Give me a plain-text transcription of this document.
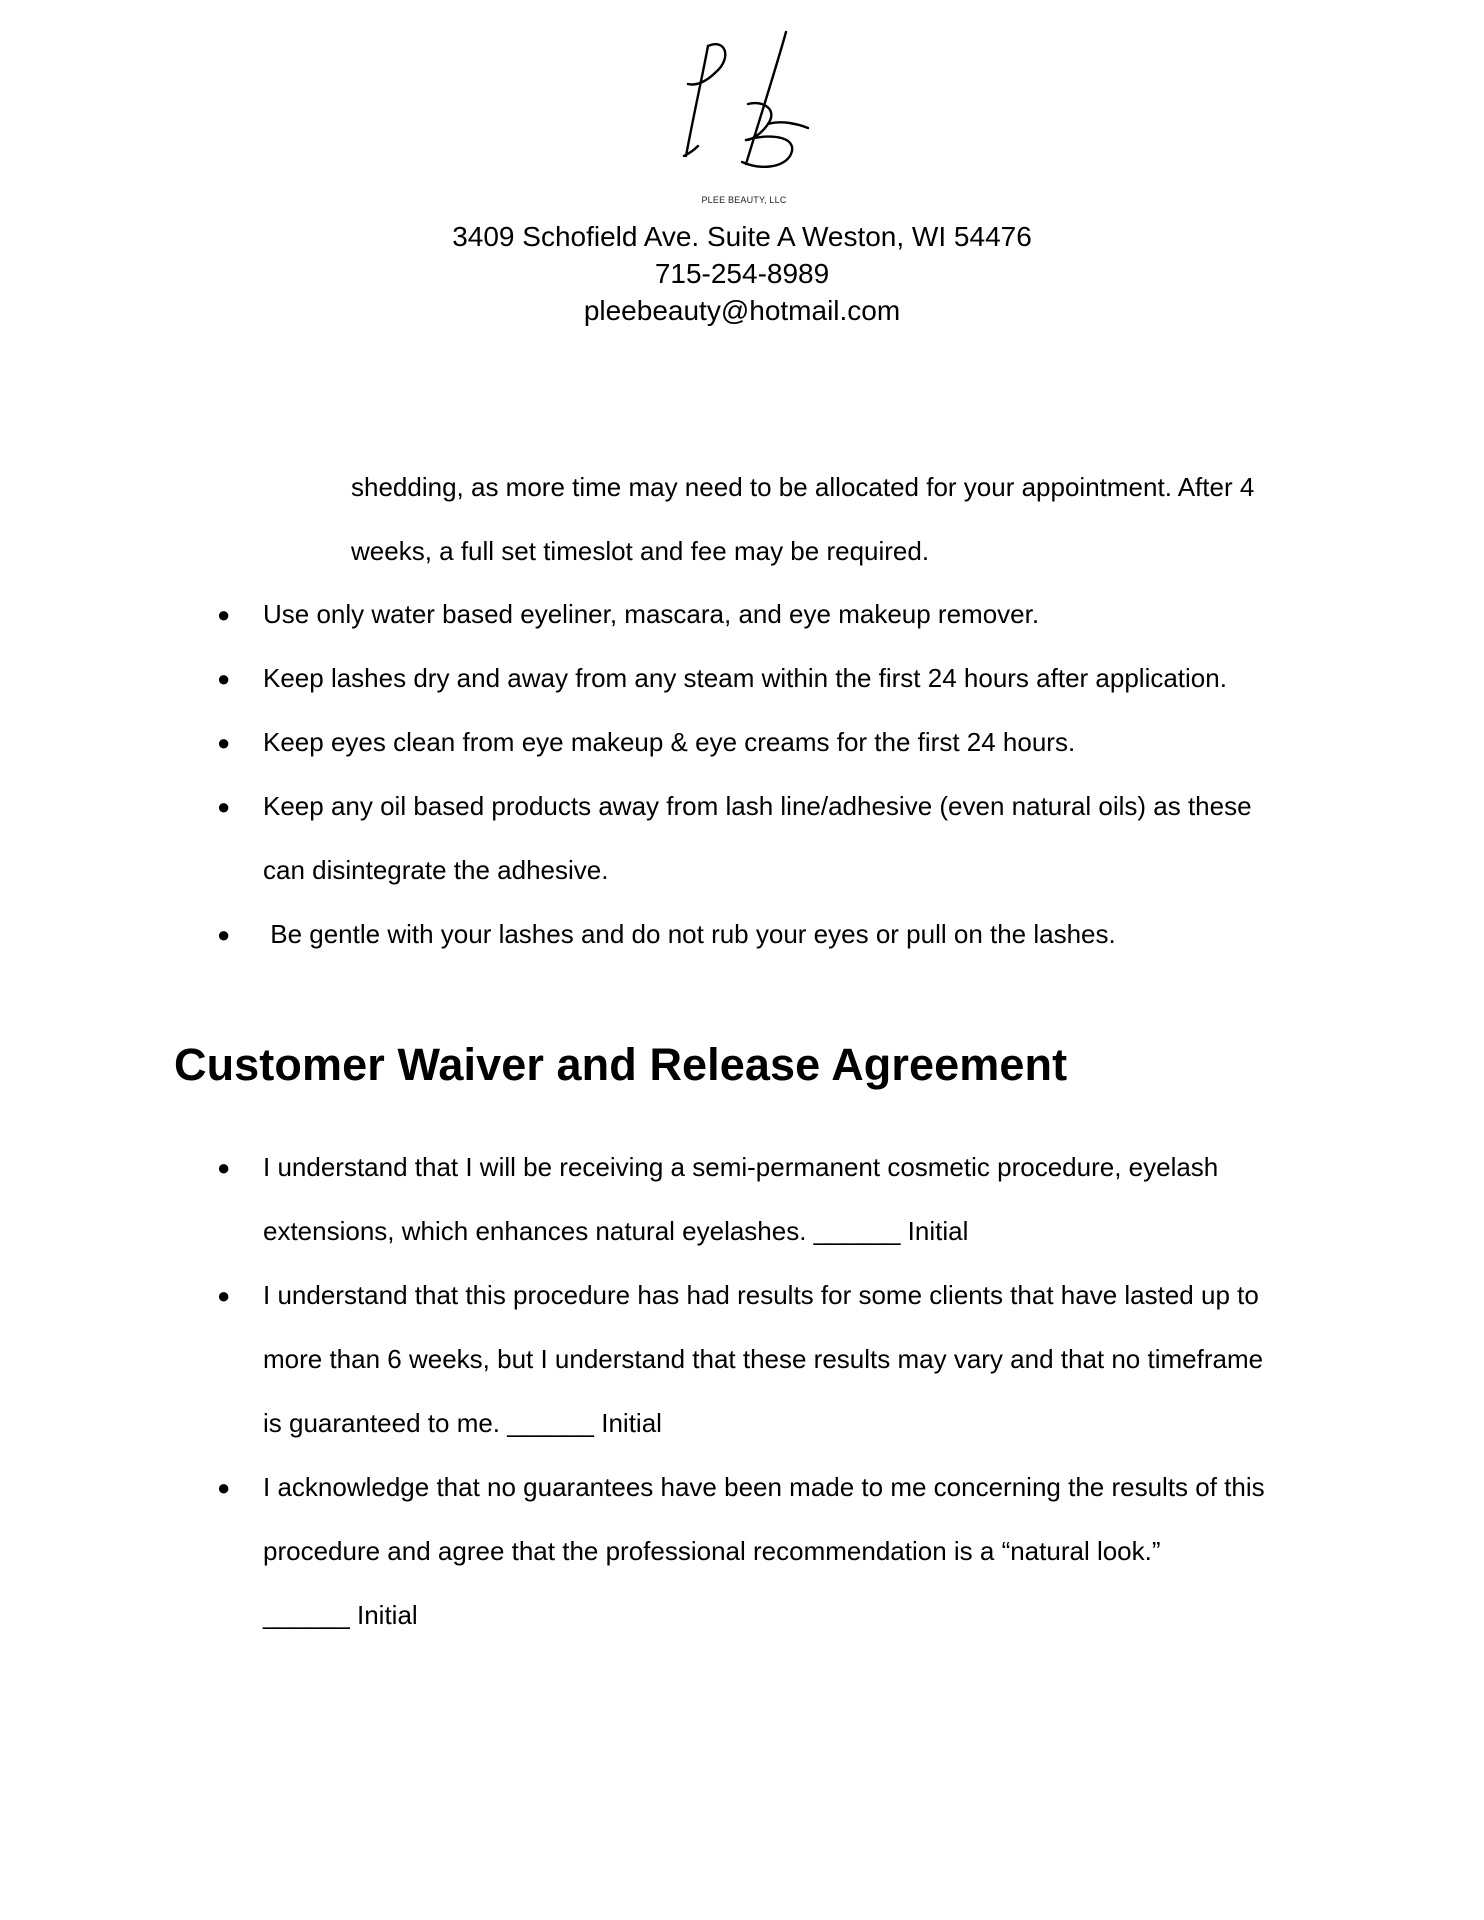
PLEE BEAUTY, LLC
3409 Schofield Ave. Suite A Weston, WI 54476
715-254-8989
pleebeauty@hotmail.com
shedding, as more time may need to be allocated for your appointment. After 4
weeks, a full set timeslot and fee may be required.
● Use only water based eyeliner, mascara, and eye makeup remover.
● Keep lashes dry and away from any steam within the first 24 hours after application.
● Keep eyes clean from eye makeup & eye creams for the first 24 hours.
● Keep any oil based products away from lash line/adhesive (even natural oils) as these
can disintegrate the adhesive.
● Be gentle with your lashes and do not rub your eyes or pull on the lashes.
Customer Waiver and Release Agreement
● I understand that I will be receiving a semi-permanent cosmetic procedure, eyelash
extensions, which enhances natural eyelashes. ______ Initial
● I understand that this procedure has had results for some clients that have lasted up to
more than 6 weeks, but I understand that these results may vary and that no timeframe
is guaranteed to me. ______ Initial
● I acknowledge that no guarantees have been made to me concerning the results of this
procedure and agree that the professional recommendation is a “natural look.”
______ Initial
